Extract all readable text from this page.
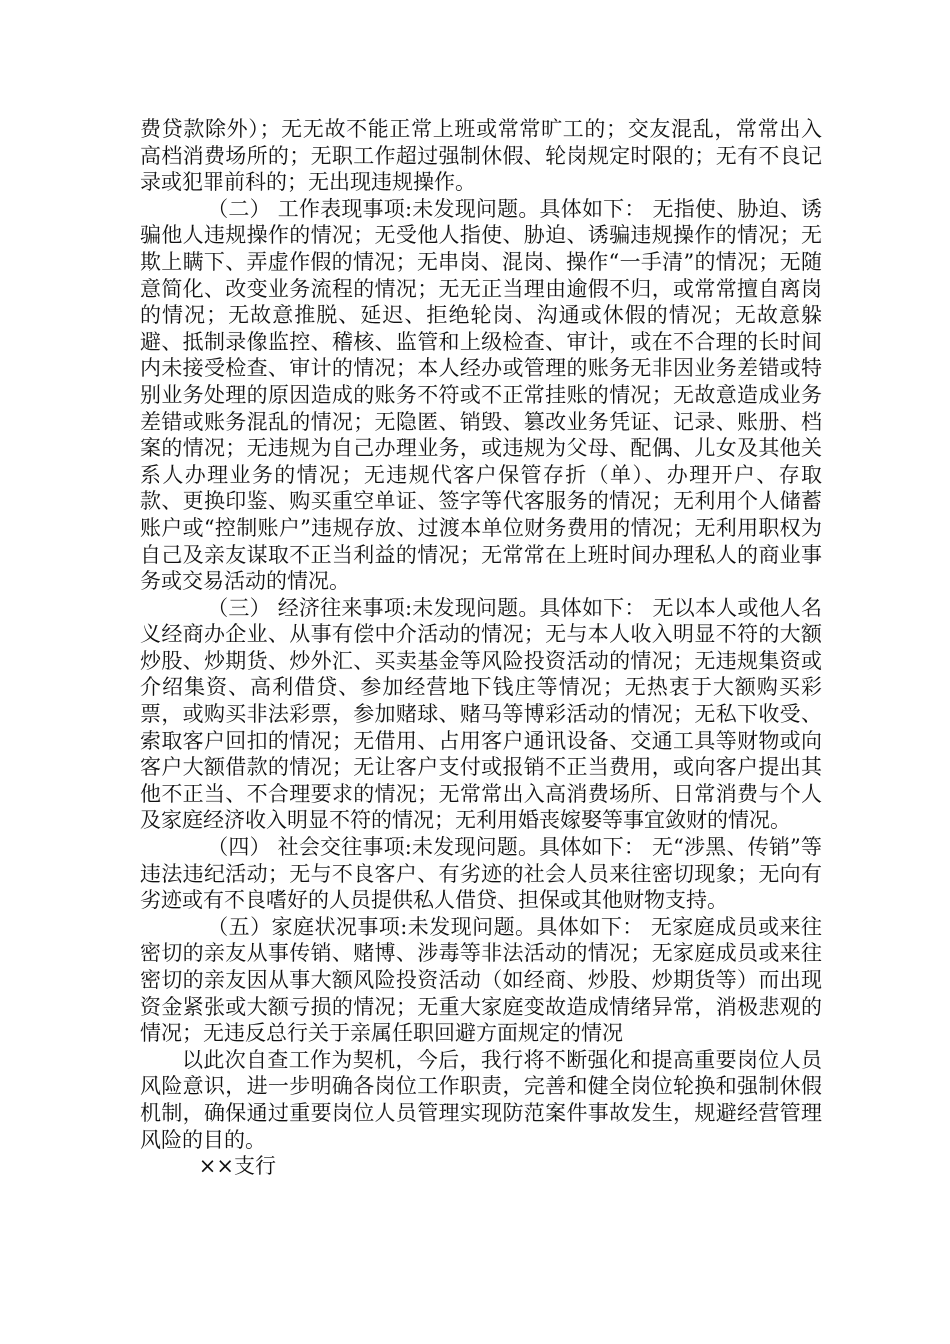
费贷款除外）；无无故不能正常上班或常常旷工的；交友混乱，常常出入高档消费场所的；无职工作超过强制休假、轮岗规定时限的；无有不良记录或犯罪前科的；无出现违规操作。

（二） 工作表现事项:未发现问题。具体如下： 无指使、胁迫、诱骗他人违规操作的情况；无受他人指使、胁迫、诱骗违规操作的情况；无欺上瞒下、弄虚作假的情况；无串岗、混岗、操作“一手清”的情况；无随意简化、改变业务流程的情况；无无正当理由逾假不归，或常常擅自离岗的情况；无故意推脱、延迟、拒绝轮岗、沟通或休假的情况；无故意躲避、抵制录像监控、稽核、监管和上级检查、审计，或在不合理的长时间内未接受检查、审计的情况；本人经办或管理的账务无非因业务差错或特别业务处理的原因造成的账务不符或不正常挂账的情况；无故意造成业务差错或账务混乱的情况；无隐匿、销毁、篡改业务凭证、记录、账册、档案的情况；无违规为自己办理业务，或违规为父母、配偶、儿女及其他关系人办理业务的情况；无违规代客户保管存折（单）、办理开户、存取款、更换印鉴、购买重空单证、签字等代客服务的情况；无利用个人储蓄账户或“控制账户”违规存放、过渡本单位财务费用的情况；无利用职权为自己及亲友谋取不正当利益的情况；无常常在上班时间办理私人的商业事务或交易活动的情况。

（三） 经济往来事项:未发现问题。具体如下： 无以本人或他人名义经商办企业、从事有偿中介活动的情况；无与本人收入明显不符的大额炒股、炒期货、炒外汇、买卖基金等风险投资活动的情况；无违规集资或介绍集资、高利借贷、参加经营地下钱庄等情况；无热衷于大额购买彩票，或购买非法彩票，参加赌球、赌马等博彩活动的情况；无私下收受、索取客户回扣的情况；无借用、占用客户通讯设备、交通工具等财物或向客户大额借款的情况；无让客户支付或报销不正当费用，或向客户提出其他不正当、不合理要求的情况；无常常出入高消费场所、日常消费与个人及家庭经济收入明显不符的情况；无利用婚丧嫁娶等事宜敛财的情况。

（四） 社会交往事项:未发现问题。具体如下： 无“涉黑、传销”等违法违纪活动；无与不良客户、有劣迹的社会人员来往密切现象；无向有劣迹或有不良嗜好的人员提供私人借贷、担保或其他财物支持。

（五）家庭状况事项:未发现问题。具体如下： 无家庭成员或来往密切的亲友从事传销、赌博、涉毒等非法活动的情况；无家庭成员或来往密切的亲友因从事大额风险投资活动（如经商、炒股、炒期货等）而出现资金紧张或大额亏损的情况；无重大家庭变故造成情绪异常，消极悲观的情况；无违反总行关于亲属任职回避方面规定的情况

以此次自查工作为契机，今后，我行将不断强化和提高重要岗位人员风险意识，进一步明确各岗位工作职责，完善和健全岗位轮换和强制休假机制，确保通过重要岗位人员管理实现防范案件事故发生，规避经营管理风险的目的。

××支行
